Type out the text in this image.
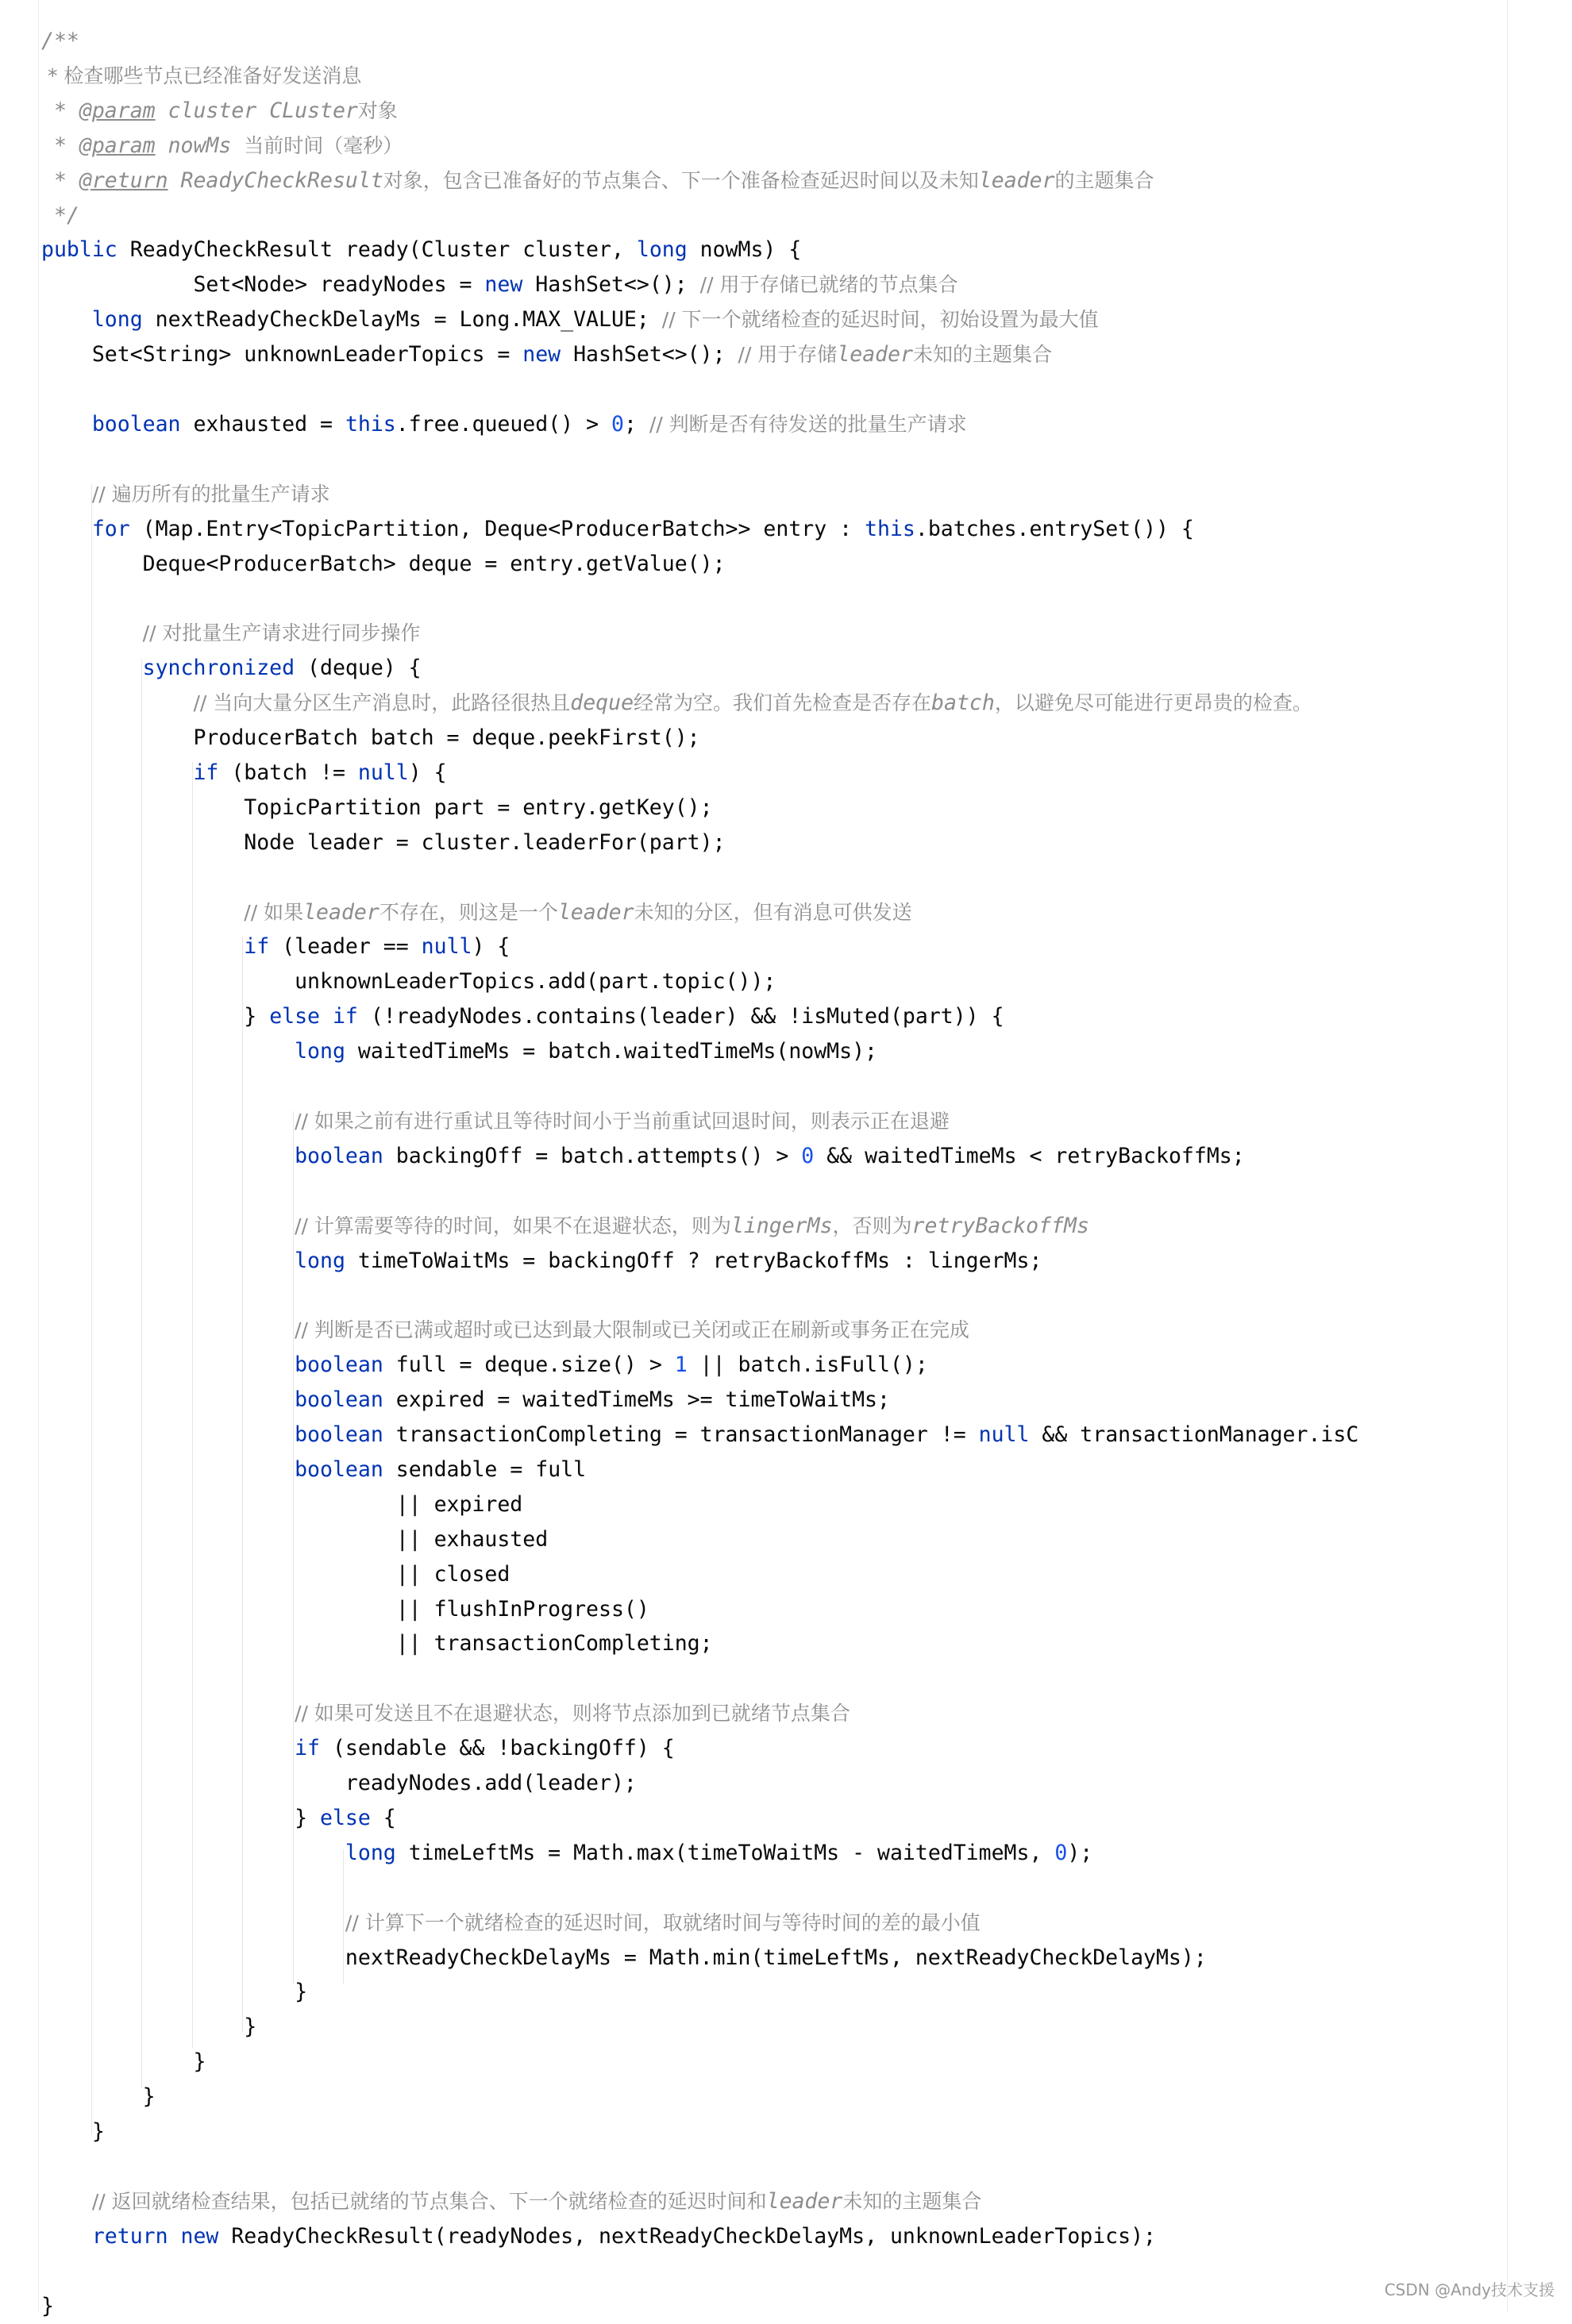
/**
* 检查哪些节点已经准备好发送消息
* @param cluster CLuster对象
* @param nowMs 当前时间（毫秒）
* @return ReadyCheckResult对象，包含已准备好的节点集合、下一个准备检查延迟时间以及未知leader的主题集合
*/
public ReadyCheckResult ready(Cluster cluster, long nowMs) {
Set<Node> readyNodes = new HashSet<>(); // 用于存储已就绪的节点集合
long nextReadyCheckDelayMs = Long.MAX_VALUE; // 下一个就绪检查的延迟时间，初始设置为最大值
Set<String> unknownLeaderTopics = new HashSet<>(); // 用于存储leader未知的主题集合
boolean exhausted = this.free.queued() > 0; // 判断是否有待发送的批量生产请求
// 遍历所有的批量生产请求
for (Map.Entry<TopicPartition, Deque<ProducerBatch>> entry : this.batches.entrySet()) {
Deque<ProducerBatch> deque = entry.getValue();
// 对批量生产请求进行同步操作
synchronized (deque) {
// 当向大量分区生产消息时，此路径很热且deque经常为空。我们首先检查是否存在batch，以避免尽可能进行更昂贵的检查。
ProducerBatch batch = deque.peekFirst();
if (batch != null) {
TopicPartition part = entry.getKey();
Node leader = cluster.leaderFor(part);
// 如果leader不存在，则这是一个leader未知的分区，但有消息可供发送
if (leader == null) {
unknownLeaderTopics.add(part.topic());
} else if (!readyNodes.contains(leader) && !isMuted(part)) {
long waitedTimeMs = batch.waitedTimeMs(nowMs);
// 如果之前有进行重试且等待时间小于当前重试回退时间，则表示正在退避
boolean backingOff = batch.attempts() > 0 && waitedTimeMs < retryBackoffMs;
// 计算需要等待的时间，如果不在退避状态，则为lingerMs，否则为retryBackoffMs
long timeToWaitMs = backingOff ? retryBackoffMs : lingerMs;
// 判断是否已满或超时或已达到最大限制或已关闭或正在刷新或事务正在完成
boolean full = deque.size() > 1 || batch.isFull();
boolean expired = waitedTimeMs >= timeToWaitMs;
boolean transactionCompleting = transactionManager != null && transactionManager.isC
boolean sendable = full
|| expired
|| exhausted
|| closed
|| flushInProgress()
|| transactionCompleting;
// 如果可发送且不在退避状态，则将节点添加到已就绪节点集合
if (sendable && !backingOff) {
readyNodes.add(leader);
} else {
long timeLeftMs = Math.max(timeToWaitMs - waitedTimeMs, 0);
// 计算下一个就绪检查的延迟时间，取就绪时间与等待时间的差的最小值
nextReadyCheckDelayMs = Math.min(timeLeftMs, nextReadyCheckDelayMs);
}
}
}
}
}
// 返回就绪检查结果，包括已就绪的节点集合、下一个就绪检查的延迟时间和leader未知的主题集合
return new ReadyCheckResult(readyNodes, nextReadyCheckDelayMs, unknownLeaderTopics);
}
CSDN @Andy技术支援
